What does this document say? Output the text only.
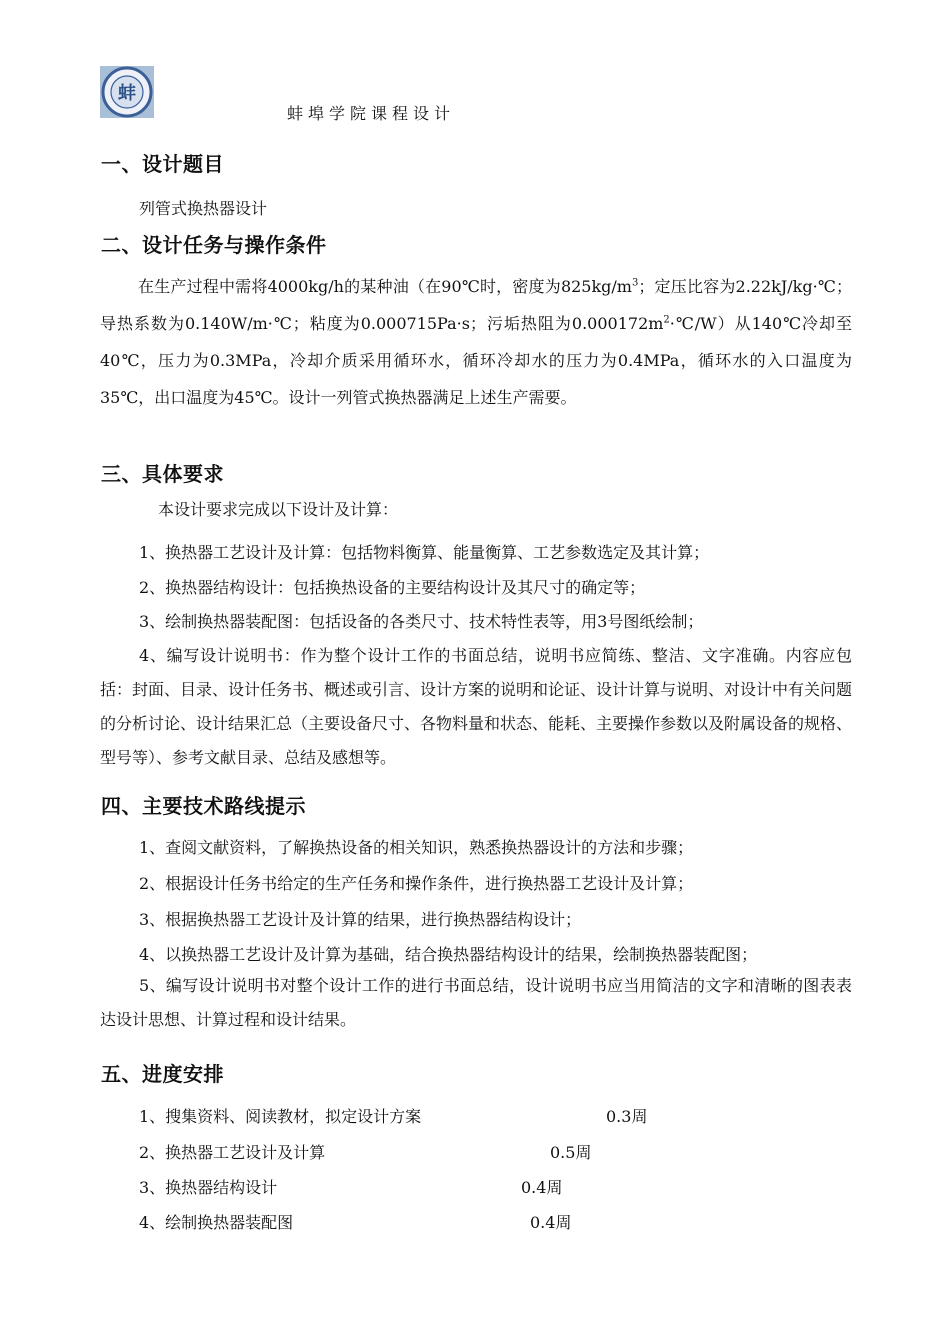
蚌
蚌埠学院课程设计
一、设计题目
列管式换热器设计
二、设计任务与操作条件
在生产过程中需将4000kg/h的某种油（在90℃时，密度为$825kg/m^3$；定压比容为2.22kJ/kg·℃；导热系数为0.140W/m·℃；粘度为0.000715Pa·s；污垢热阻为$0.000172m^2\cdot℃/W$）从140℃冷却至40℃，压力为0.3MPa，冷却介质采用循环水，循环冷却水的压力为0.4MPa，循环水的入口温度为35℃，出口温度为45℃。设计一列管式换热器满足上述生产需要。
三、具体要求
本设计要求完成以下设计及计算：
1、换热器工艺设计及计算：包括物料衡算、能量衡算、工艺参数选定及其计算；
2、换热器结构设计：包括换热设备的主要结构设计及其尺寸的确定等；
3、绘制换热器装配图：包括设备的各类尺寸、技术特性表等，用3号图纸绘制；
4、编写设计说明书：作为整个设计工作的书面总结，说明书应简练、整洁、文字准确。内容应包括：封面、目录、设计任务书、概述或引言、设计方案的说明和论证、设计计算与说明、对设计中有关问题的分析讨论、设计结果汇总（主要设备尺寸、各物料量和状态、能耗、主要操作参数以及附属设备的规格、型号等）、参考文献目录、总结及感想等。
四、主要技术路线提示
1、查阅文献资料，了解换热设备的相关知识，熟悉换热器设计的方法和步骤；
2、根据设计任务书给定的生产任务和操作条件，进行换热器工艺设计及计算；
3、根据换热器工艺设计及计算的结果，进行换热器结构设计；
4、以换热器工艺设计及计算为基础，结合换热器结构设计的结果，绘制换热器装配图；
5、编写设计说明书对整个设计工作的进行书面总结，设计说明书应当用简洁的文字和清晰的图表表达设计思想、计算过程和设计结果。
五、进度安排
1、搜集资料、阅读教材，拟定设计方案	0.3周
2、换热器工艺设计及计算	0.5周
3、换热器结构设计	0.4周
4、绘制换热器装配图	0.4周
